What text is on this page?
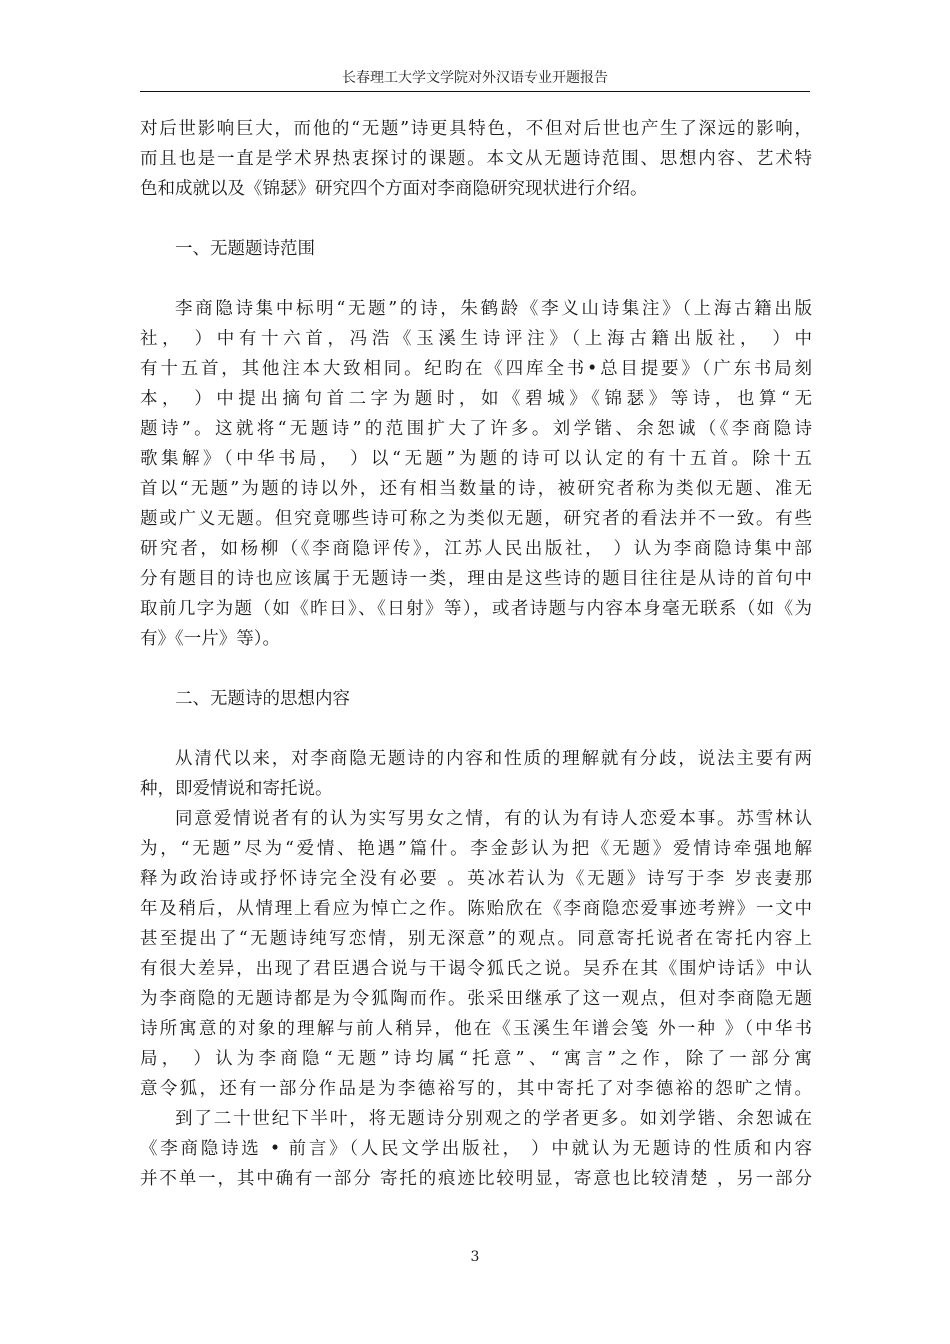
长春理工大学文学院对外汉语专业开题报告
对后世影响巨大，而他的“无题”诗更具特色，不但对后世也产生了深远的影响，
而且也是一直是学术界热衷探讨的课题。本文从无题诗范围、思想内容、艺术特
色和成就以及《锦瑟》研究四个方面对李商隐研究现状进行介绍。
一、无题题诗范围
李商隐诗集中标明“无题”的诗，朱鹤龄《李义山诗集注》（上海古籍出版
社， ）中有十六首，冯浩《玉溪生诗评注》（上海古籍出版社， ）中
有十五首，其他注本大致相同。纪昀在《四库全书•总目提要》（广东书局刻
本， ）中提出摘句首二字为题时，如《碧城》《锦瑟》等诗，也算“无
题诗”。这就将“无题诗”的范围扩大了许多。刘学锴、余恕诚（《李商隐诗
歌集解》（中华书局， ）以“无题”为题的诗可以认定的有十五首。除十五
首以“无题”为题的诗以外，还有相当数量的诗，被研究者称为类似无题、准无
题或广义无题。但究竟哪些诗可称之为类似无题，研究者的看法并不一致。有些
研究者，如杨柳（《李商隐评传》，江苏人民出版社， ）认为李商隐诗集中部
分有题目的诗也应该属于无题诗一类，理由是这些诗的题目往往是从诗的首句中
取前几字为题（如《昨日》、《日射》等），或者诗题与内容本身毫无联系（如《为
有》《一片》等）。
二、无题诗的思想内容
从清代以来，对李商隐无题诗的内容和性质的理解就有分歧，说法主要有两
种，即爱情说和寄托说。
同意爱情说者有的认为实写男女之情，有的认为有诗人恋爱本事。苏雪林认
为，“无题”尽为“爱情、艳遇”篇什。李金彭认为把《无题》爱情诗牵强地解
释为政治诗或抒怀诗完全没有必要 。英冰若认为《无题》诗写于李 岁丧妻那
年及稍后，从情理上看应为悼亡之作。陈贻欣在《李商隐恋爱事迹考辨》一文中
甚至提出了“无题诗纯写恋情，别无深意”的观点。同意寄托说者在寄托内容上
有很大差异，出现了君臣遇合说与干谒令狐氏之说。吴乔在其《围炉诗话》中认
为李商隐的无题诗都是为令狐陶而作。张采田继承了这一观点，但对李商隐无题
诗所寓意的对象的理解与前人稍异，他在《玉溪生年谱会笺 外一种 》（中华书
局， ）认为李商隐“无题”诗均属“托意”、“寓言”之作，除了一部分寓
意令狐，还有一部分作品是为李德裕写的，其中寄托了对李德裕的怨旷之情。
到了二十世纪下半叶，将无题诗分别观之的学者更多。如刘学锴、余恕诚在
《李商隐诗选 • 前言》（人民文学出版社， ）中就认为无题诗的性质和内容
并不单一，其中确有一部分 寄托的痕迹比较明显，寄意也比较清楚 ，另一部分
3
